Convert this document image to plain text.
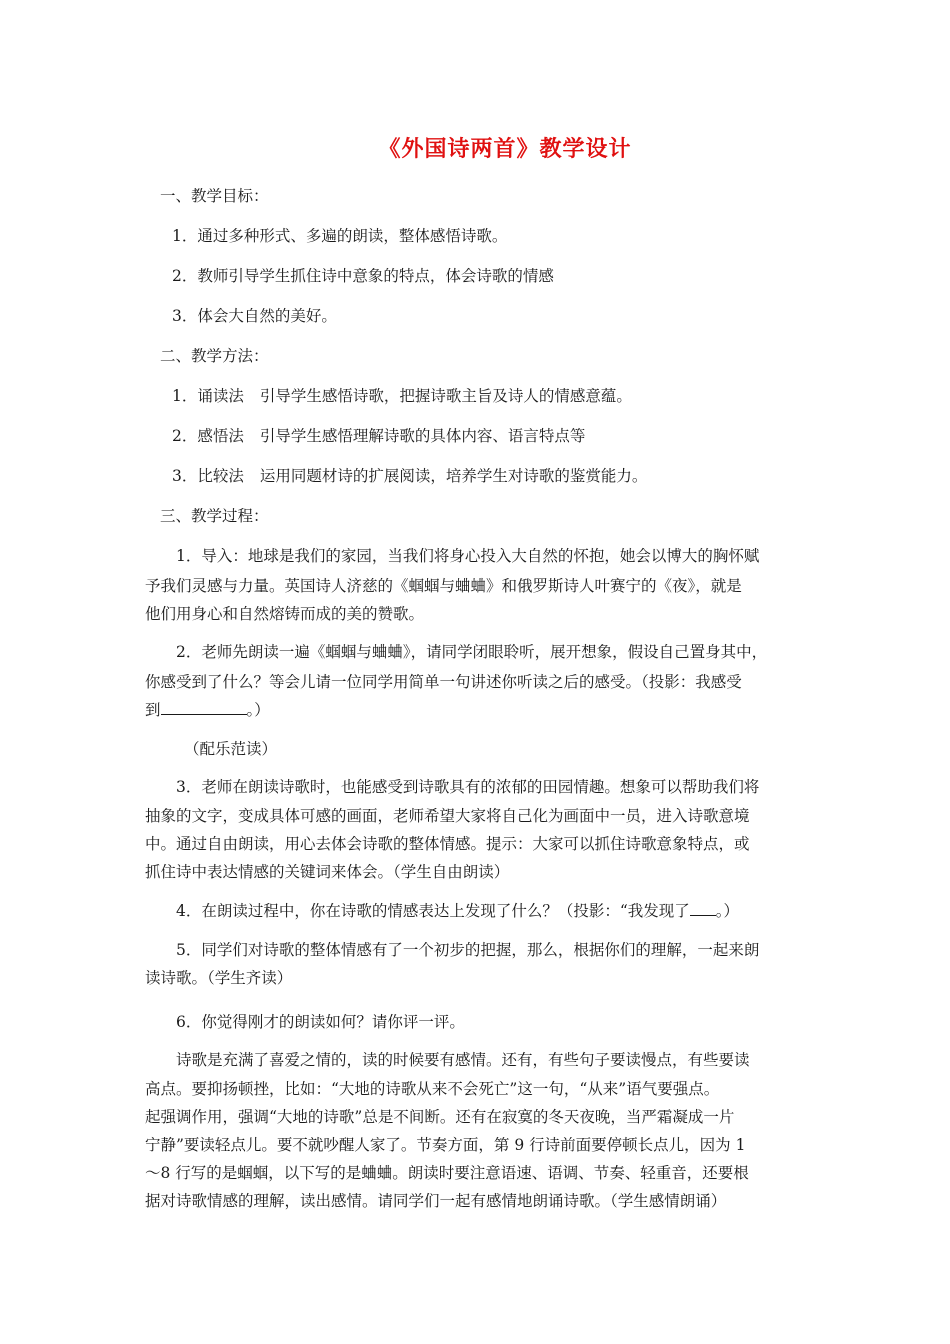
《外国诗两首》教学设计
一、教学目标：
1．通过多种形式、多遍的朗读，整体感悟诗歌。
2．教师引导学生抓住诗中意象的特点，体会诗歌的情感
3．体会大自然的美好。
二、教学方法：
1．诵读法 引导学生感悟诗歌，把握诗歌主旨及诗人的情感意蕴。
2．感悟法 引导学生感悟理解诗歌的具体内容、语言特点等
3．比较法 运用同题材诗的扩展阅读，培养学生对诗歌的鉴赏能力。
三、教学过程：
1．导入：地球是我们的家园，当我们将身心投入大自然的怀抱，她会以博大的胸怀赋
予我们灵感与力量。英国诗人济慈的《蝈蝈与蛐蛐》和俄罗斯诗人叶赛宁的《夜》，就是
他们用身心和自然熔铸而成的美的赞歌。
2．老师先朗读一遍《蝈蝈与蛐蛐》，请同学闭眼聆听，展开想象，假设自己置身其中，
你感受到了什么？等会儿请一位同学用简单一句讲述你听读之后的感受。（投影：我感受
到	。）
（配乐范读）
3．老师在朗读诗歌时，也能感受到诗歌具有的浓郁的田园情趣。想象可以帮助我们将
抽象的文字，变成具体可感的画面，老师希望大家将自己化为画面中一员，进入诗歌意境
中。通过自由朗读，用心去体会诗歌的整体情感。提示：大家可以抓住诗歌意象特点，或
抓住诗中表达情感的关键词来体会。（学生自由朗读）
4．在朗读过程中，你在诗歌的情感表达上发现了什么？（投影：“我发现了 。）
5．同学们对诗歌的整体情感有了一个初步的把握，那么，根据你们的理解，一起来朗
读诗歌。（学生齐读）
6．你觉得刚才的朗读如何？请你评一评。
诗歌是充满了喜爱之情的，读的时候要有感情。还有，有些句子要读慢点，有些要读
高点。要抑扬顿挫，比如：“大地的诗歌从来不会死亡”这一句，“从来”语气要强点。
起强调作用，强调“大地的诗歌”总是不间断。还有在寂寞的冬天夜晚，当严霜凝成一片
宁静”要读轻点儿。要不就吵醒人家了。节奏方面，第 9 行诗前面要停顿长点儿，因为 1
～8 行写的是蝈蝈，以下写的是蛐蛐。朗读时要注意语速、语调、节奏、轻重音，还要根
据对诗歌情感的理解，读出感情。请同学们一起有感情地朗诵诗歌。（学生感情朗诵）
